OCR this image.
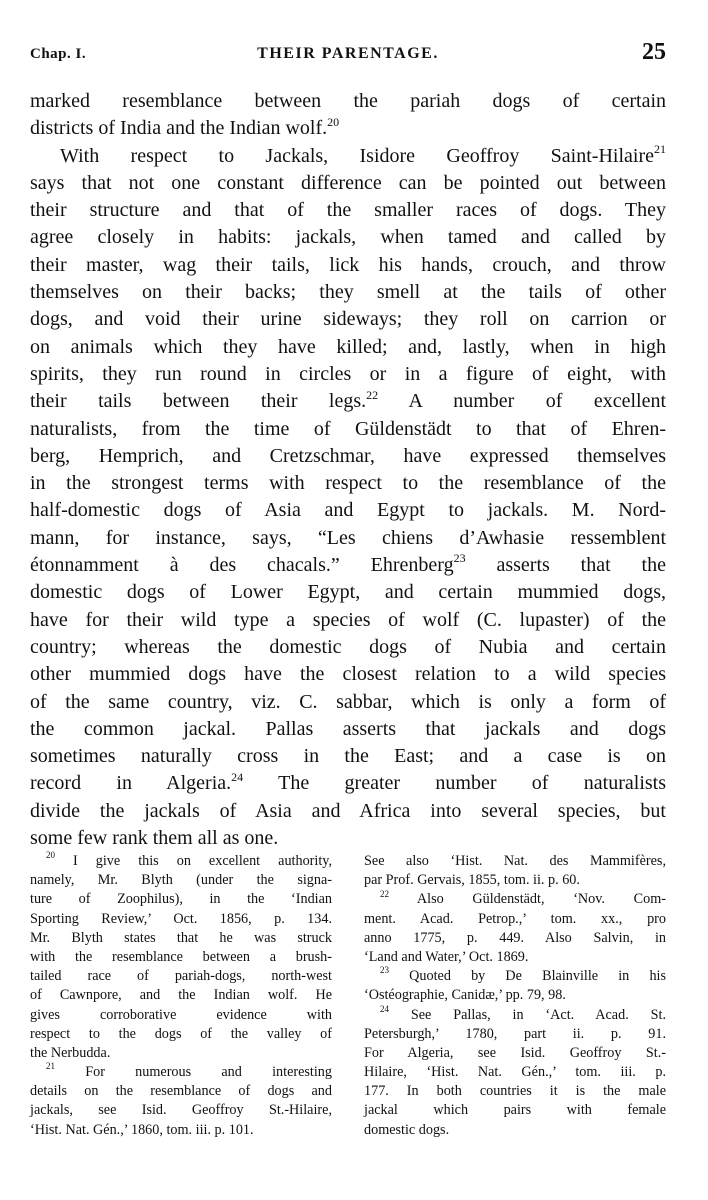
Chap. I.	THEIR PARENTAGE.	25
marked resemblance between the pariah dogs of certain
districts of India and the Indian wolf.$^{20}$
With respect to Jackals, Isidore Geoffroy Saint-Hilaire$^{21}$
says that not one constant difference can be pointed out between
their structure and that of the smaller races of dogs. They
agree closely in habits: jackals, when tamed and called by
their master, wag their tails, lick his hands, crouch, and throw
themselves on their backs; they smell at the tails of other
dogs, and void their urine sideways; they roll on carrion or
on animals which they have killed; and, lastly, when in high
spirits, they run round in circles or in a figure of eight, with
their tails between their legs.$^{22}$ A number of excellent
naturalists, from the time of Güldenstädt to that of Ehren-
berg, Hemprich, and Cretzschmar, have expressed themselves
in the strongest terms with respect to the resemblance of the
half-domestic dogs of Asia and Egypt to jackals. M. Nord-
mann, for instance, says, “Les chiens d’Awhasie ressemblent
étonnamment à des chacals.” Ehrenberg$^{23}$ asserts that the
domestic dogs of Lower Egypt, and certain mummied dogs,
have for their wild type a species of wolf (C. lupaster) of the
country; whereas the domestic dogs of Nubia and certain
other mummied dogs have the closest relation to a wild species
of the same country, viz. C. sabbar, which is only a form of
the common jackal. Pallas asserts that jackals and dogs
sometimes naturally cross in the East; and a case is on
record in Algeria.$^{24}$ The greater number of naturalists
divide the jackals of Asia and Africa into several species, but
some few rank them all as one.
$^{20}$ I give this on excellent authority,
namely, Mr. Blyth (under the signa-
ture of Zoophilus), in the ‘Indian
Sporting Review,’ Oct. 1856, p. 134.
Mr. Blyth states that he was struck
with the resemblance between a brush-
tailed race of pariah-dogs, north-west
of Cawnpore, and the Indian wolf. He
gives corroborative evidence with
respect to the dogs of the valley of
the Nerbudda.
$^{21}$ For numerous and interesting
details on the resemblance of dogs and
jackals, see Isid. Geoffroy St.-Hilaire,
‘Hist. Nat. Gén.,’ 1860, tom. iii. p. 101.
See also ‘Hist. Nat. des Mammifères,
par Prof. Gervais, 1855, tom. ii. p. 60.
$^{22}$ Also Güldenstädt, ‘Nov. Com-
ment. Acad. Petrop.,’ tom. xx., pro
anno 1775, p. 449. Also Salvin, in
‘Land and Water,’ Oct. 1869.
$^{23}$ Quoted by De Blainville in his
‘Ostéographie, Canidæ,’ pp. 79, 98.
$^{24}$ See Pallas, in ‘Act. Acad. St.
Petersburgh,’ 1780, part ii. p. 91.
For Algeria, see Isid. Geoffroy St.-
Hilaire, ‘Hist. Nat. Gén.,’ tom. iii. p.
177. In both countries it is the male
jackal which pairs with female
domestic dogs.
